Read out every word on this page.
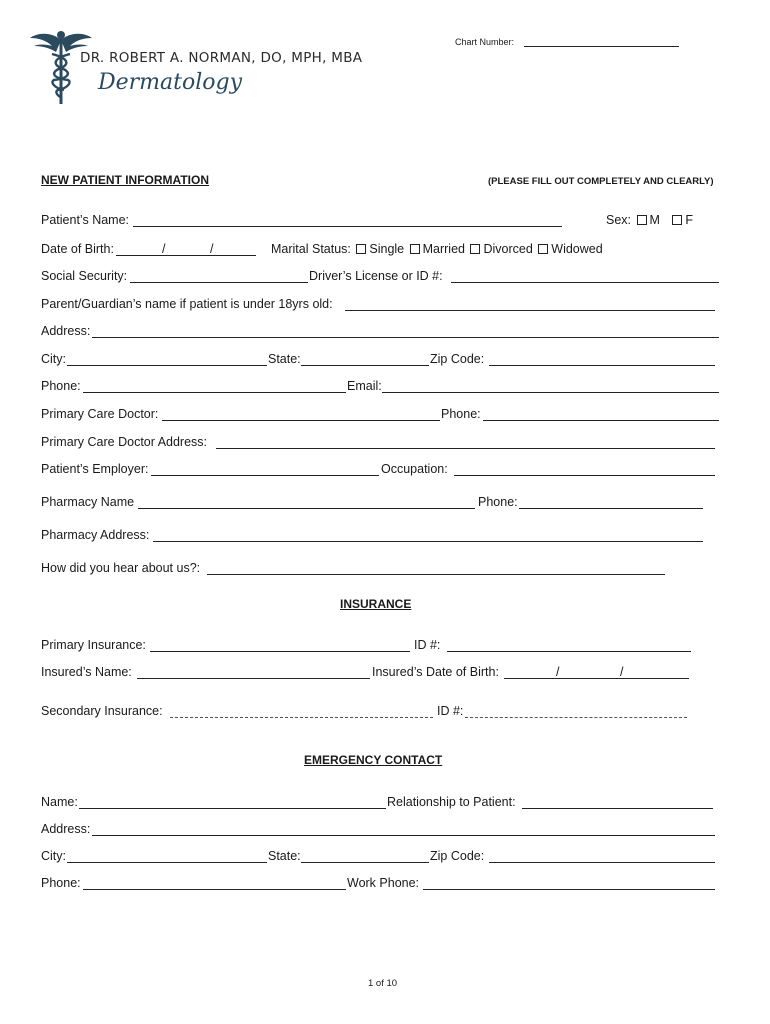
DR. ROBERT A. NORMAN, DO, MPH, MBA
Dermatology
Chart Number:
NEW PATIENT INFORMATION	(PLEASE FILL OUT COMPLETELY AND CLEARLY)
Patient’s Name:	Sex: M F
Date of Birth:	/	/	Marital Status: Single Married Divorced Widowed
Social Security:	Driver’s License or ID #:
Parent/Guardian’s name if patient is under 18yrs old:
Address:
City:	State:	Zip Code:
Phone:	Email:
Primary Care Doctor:	Phone:
Primary Care Doctor Address:
Patient’s Employer:	Occupation:
Pharmacy Name	Phone:
Pharmacy Address:
How did you hear about us?:
INSURANCE
Primary Insurance:	ID #:
Insured’s Name:	Insured’s Date of Birth:	/	/
Secondary Insurance:	ID #:
EMERGENCY CONTACT
Name:	Relationship to Patient:
Address:
City:	State:	Zip Code:
Phone:	Work Phone:
1 of 10
